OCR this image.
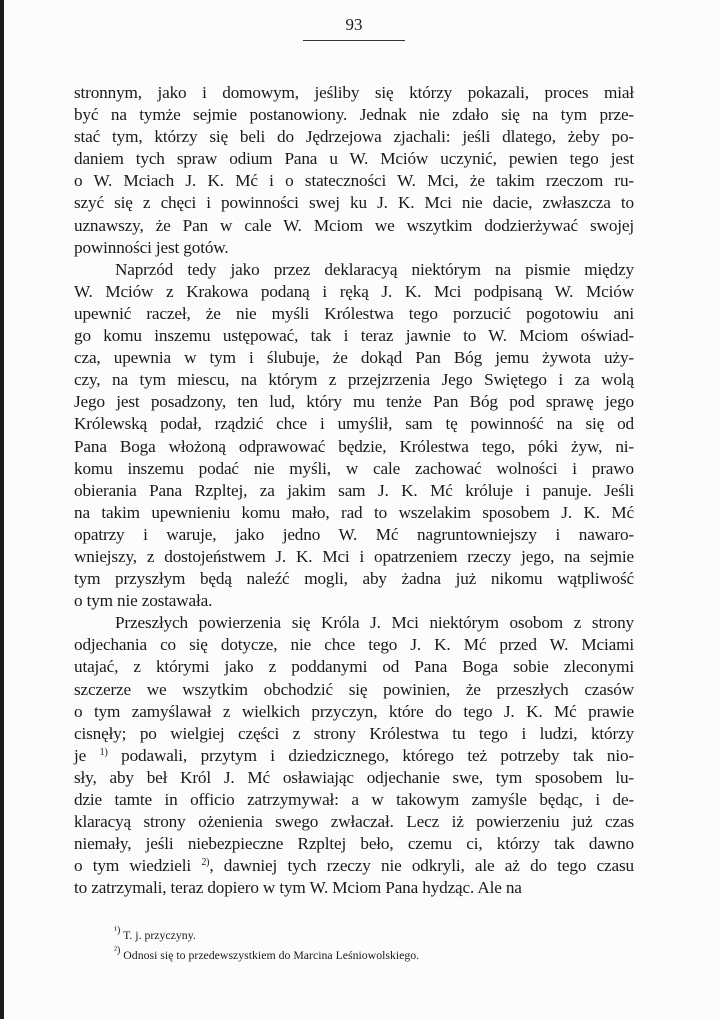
93
stronnym, jako i domowym, jeśliby się którzy pokazali, proces miał
być na tymże sejmie postanowiony. Jednak nie zdało się na tym prze-
stać tym, którzy się beli do Jędrzejowa zjachali: jeśli dlatego, żeby po-
daniem tych spraw odium Pana u W. Mciów uczynić, pewien tego jest
o W. Mciach J. K. Mć i o stateczności W. Mci, że takim rzeczom ru-
szyć się z chęci i powinności swej ku J. K. Mci nie dacie, zwłaszcza to
uznawszy, że Pan w cale W. Mciom we wszytkim dodzierżywać swojej
powinności jest gotów.
Naprzód tedy jako przez deklaracyą niektórym na pismie między
W. Mciów z Krakowa podaną i ręką J. K. Mci podpisaną W. Mciów
upewnić raczeł, że nie myśli Królestwa tego porzucić pogotowiu ani
go komu inszemu ustępować, tak i teraz jawnie to W. Mciom oświad-
cza, upewnia w tym i ślubuje, że dokąd Pan Bóg jemu żywota uży-
czy, na tym miescu, na którym z przejzrzenia Jego Swiętego i za wolą
Jego jest posadzony, ten lud, który mu tenże Pan Bóg pod sprawę jego
Królewską podał, rządzić chce i umyślił, sam tę powinność na się od
Pana Boga włożoną odprawować będzie, Królestwa tego, póki żyw, ni-
komu inszemu podać nie myśli, w cale zachować wolności i prawo
obierania Pana Rzpltej, za jakim sam J. K. Mć króluje i panuje. Jeśli
na takim upewnieniu komu mało, rad to wszelakim sposobem J. K. Mć
opatrzy i waruje, jako jedno W. Mć nagruntowniejszy i nawaro-
wniejszy, z dostojeństwem J. K. Mci i opatrzeniem rzeczy jego, na sejmie
tym przyszłym będą naleźć mogli, aby żadna już nikomu wątpliwość
o tym nie zostawała.
Przeszłych powierzenia się Króla J. Mci niektórym osobom z strony
odjechania co się dotycze, nie chce tego J. K. Mć przed W. Mciami
utajać, z którymi jako z poddanymi od Pana Boga sobie zleconymi
szczerze we wszytkim obchodzić się powinien, że przeszłych czasów
o tym zamyślawał z wielkich przyczyn, które do tego J. K. Mć prawie
cisnęły; po wielgiej części z strony Królestwa tu tego i ludzi, którzy
je $^{1)}$ podawali, przytym i dziedzicznego, którego też potrzeby tak nio-
sły, aby beł Król J. Mć osławiając odjechanie swe, tym sposobem lu-
dzie tamte in officio zatrzymywał: a w takowym zamyśle będąc, i de-
klaracyą strony ożenienia swego zwłaczał. Lecz iż powierzeniu już czas
niemały, jeśli niebezpieczne Rzpltej beło, czemu ci, którzy tak dawno
o tym wiedzieli $^{2)}$, dawniej tych rzeczy nie odkryli, ale aż do tego czasu
to zatrzymali, teraz dopiero w tym W. Mciom Pana hydząc. Ale na
$^{^1)}$ T. j. przyczyny.
$^{^2)}$ Odnosi się to przedewszystkiem do Marcina Leśniowolskiego.
